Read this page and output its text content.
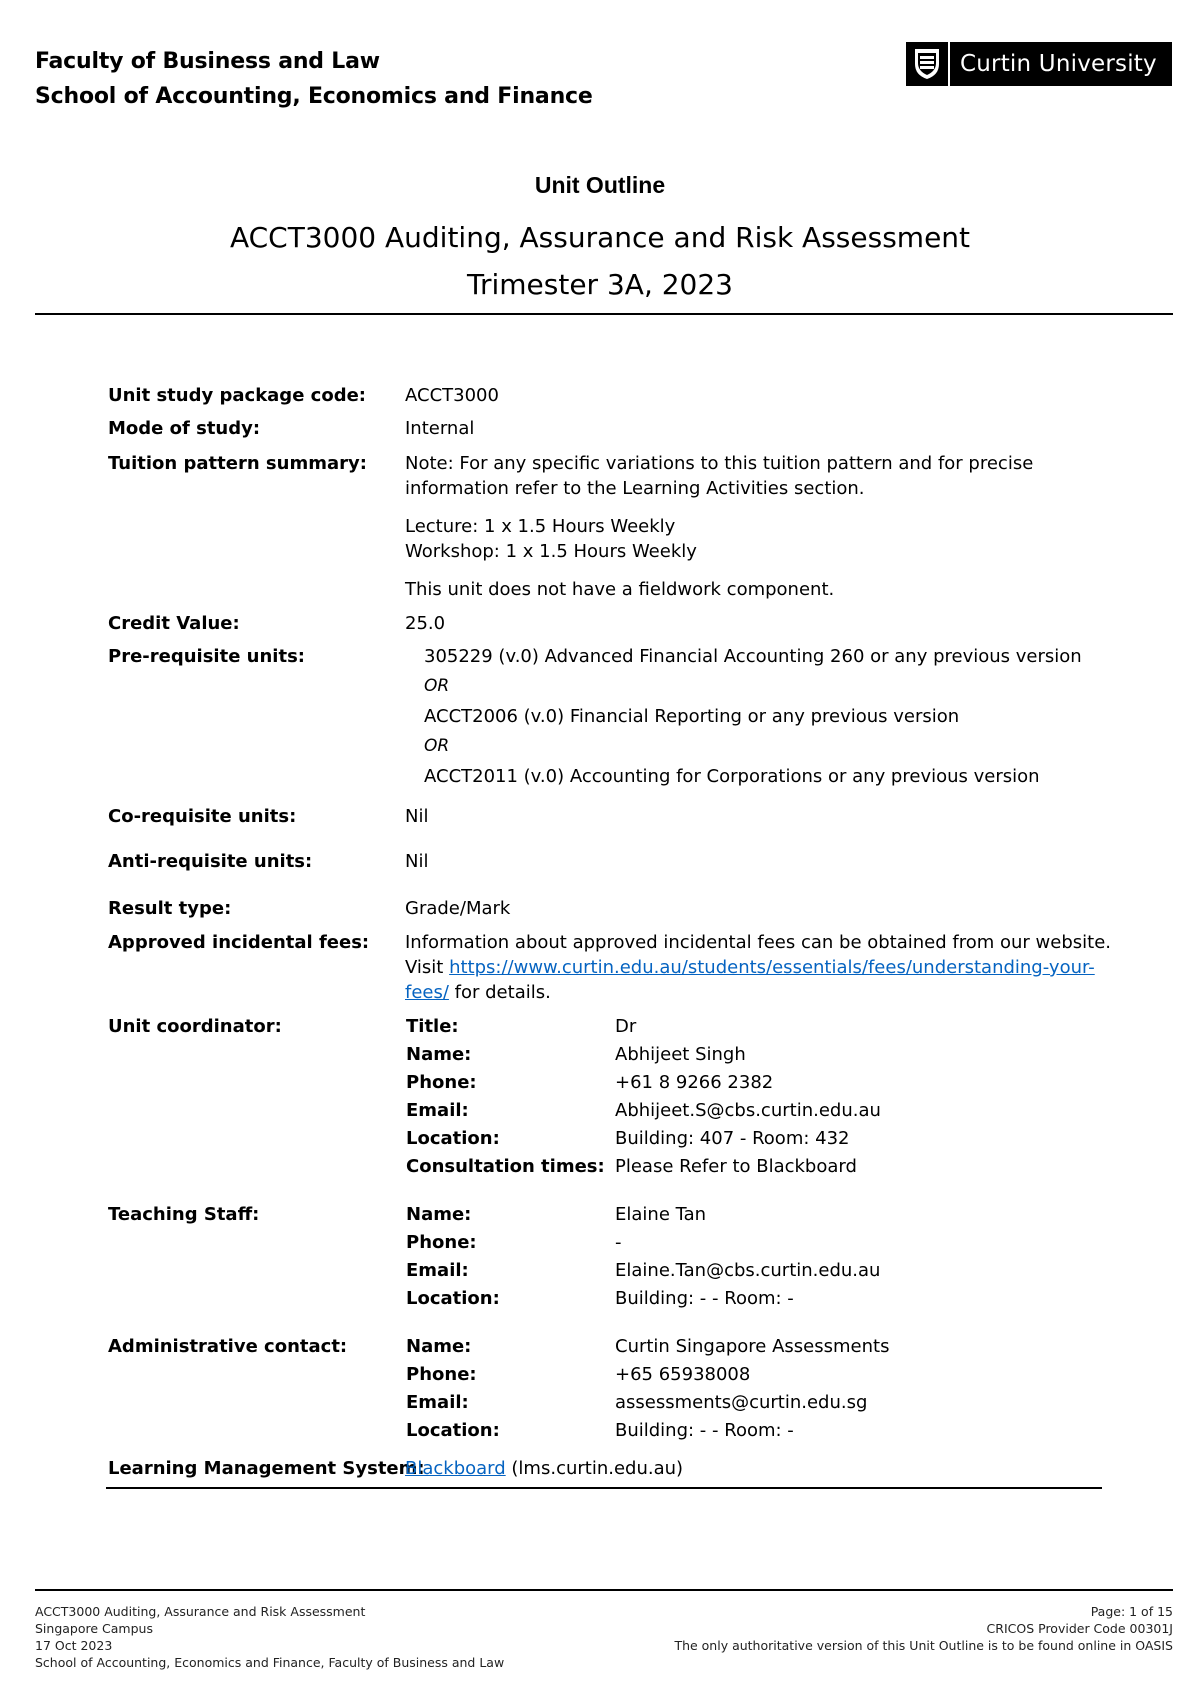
Faculty of Business and Law
School of Accounting, Economics and Finance
Curtin University
Unit Outline
ACCT3000 Auditing, Assurance and Risk Assessment
Trimester 3A, 2023
Unit study package code: ACCT3000
Mode of study:	Internal
Tuition pattern summary: Note: For any specific variations to this tuition pattern and for precise
information refer to the Learning Activities section.
Lecture: 1 x 1.5 Hours Weekly
Workshop: 1 x 1.5 Hours Weekly
This unit does not have a fieldwork component.
Credit Value:	25.0
Pre-requisite units:	305229 (v.0) Advanced Financial Accounting 260 or any previous version
OR
ACCT2006 (v.0) Financial Reporting or any previous version
OR
ACCT2011 (v.0) Accounting for Corporations or any previous version
Co-requisite units:	Nil
Anti-requisite units:	Nil
Result type:	Grade/Mark
Approved incidental fees: Information about approved incidental fees can be obtained from our website.
Visit https://www.curtin.edu.au/students/essentials/fees/understanding-your-
fees/ for details.
Unit coordinator:	Title:	Dr
Name:	Abhijeet Singh
Phone:	+61 8 9266 2382
Email:	Abhijeet.S@cbs.curtin.edu.au
Location:	Building: 407 - Room: 432
Consultation times: Please Refer to Blackboard
Teaching Staff:	Name:	Elaine Tan
Phone:	-
Email:	Elaine.Tan@cbs.curtin.edu.au
Location:	Building: - - Room: -
Administrative contact:	Name:	Curtin Singapore Assessments
Phone:	+65 65938008
Email:	assessments@curtin.edu.sg
Location:	Building: - - Room: -
Learning Management System:
Blackboard (lms.curtin.edu.au)
ACCT3000 Auditing, Assurance and Risk Assessment
Singapore Campus
17 Oct 2023
School of Accounting, Economics and Finance, Faculty of Business and Law
Page: 1 of 15
CRICOS Provider Code 00301J
The only authoritative version of this Unit Outline is to be found online in OASIS
